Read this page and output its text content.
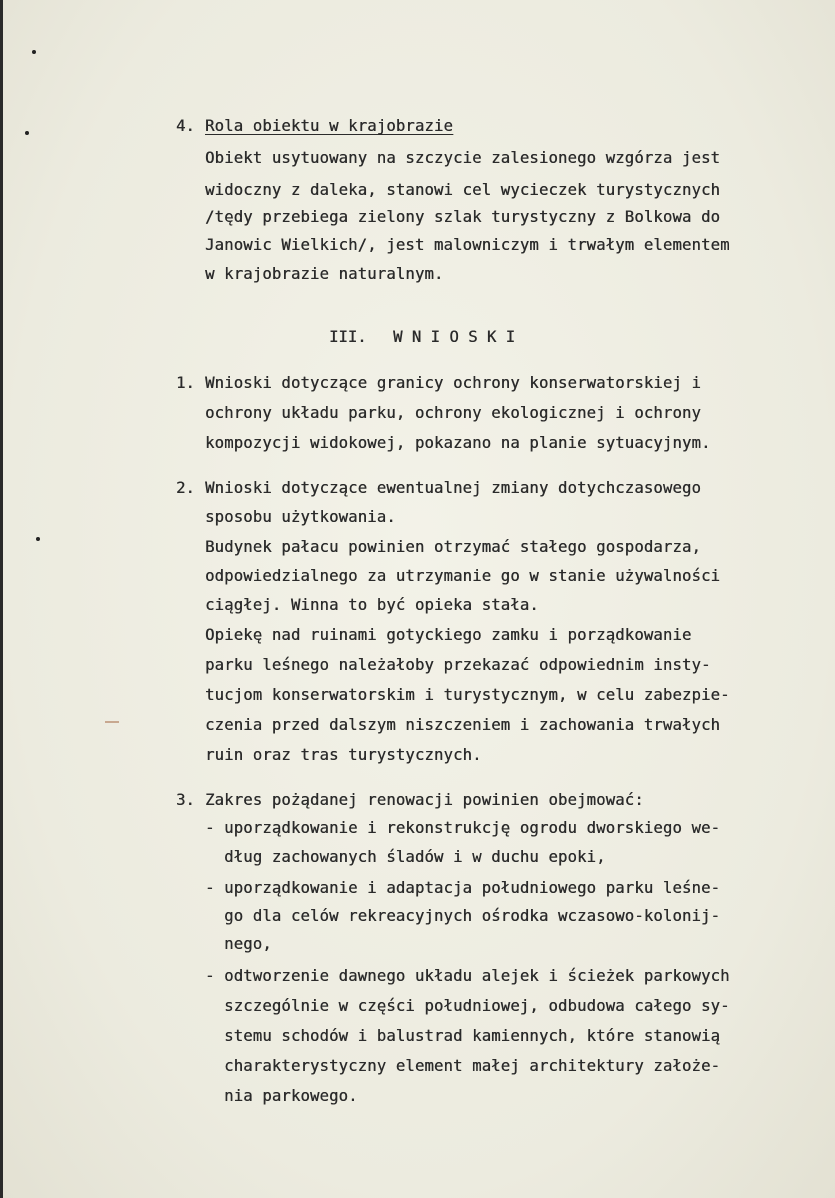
4. Rola obiektu w krajobrazie
Obiekt usytuowany na szczycie zalesionego wzgórza jest
widoczny z daleka, stanowi cel wycieczek turystycznych
/tędy przebiega zielony szlak turystyczny z Bolkowa do
Janowic Wielkich/, jest malowniczym i trwałym elementem
w krajobrazie naturalnym.
III. W N I O S K I
1. Wnioski dotyczące granicy ochrony konserwatorskiej i
ochrony układu parku, ochrony ekologicznej i ochrony
kompozycji widokowej, pokazano na planie sytuacyjnym.
2. Wnioski dotyczące ewentualnej zmiany dotychczasowego
sposobu użytkowania.
Budynek pałacu powinien otrzymać stałego gospodarza,
odpowiedzialnego za utrzymanie go w stanie używalności
ciągłej. Winna to być opieka stała.
Opiekę nad ruinami gotyckiego zamku i porządkowanie
parku leśnego należałoby przekazać odpowiednim insty-
tucjom konserwatorskim i turystycznym, w celu zabezpie-
czenia przed dalszym niszczeniem i zachowania trwałych
ruin oraz tras turystycznych.
3. Zakres pożądanej renowacji powinien obejmować:
- uporządkowanie i rekonstrukcję ogrodu dworskiego we-
dług zachowanych śladów i w duchu epoki,
- uporządkowanie i adaptacja południowego parku leśne-
go dla celów rekreacyjnych ośrodka wczasowo-kolonij-
nego,
- odtworzenie dawnego układu alejek i ścieżek parkowych
szczególnie w części południowej, odbudowa całego sy-
stemu schodów i balustrad kamiennych, które stanowią
charakterystyczny element małej architektury założe-
nia parkowego.
